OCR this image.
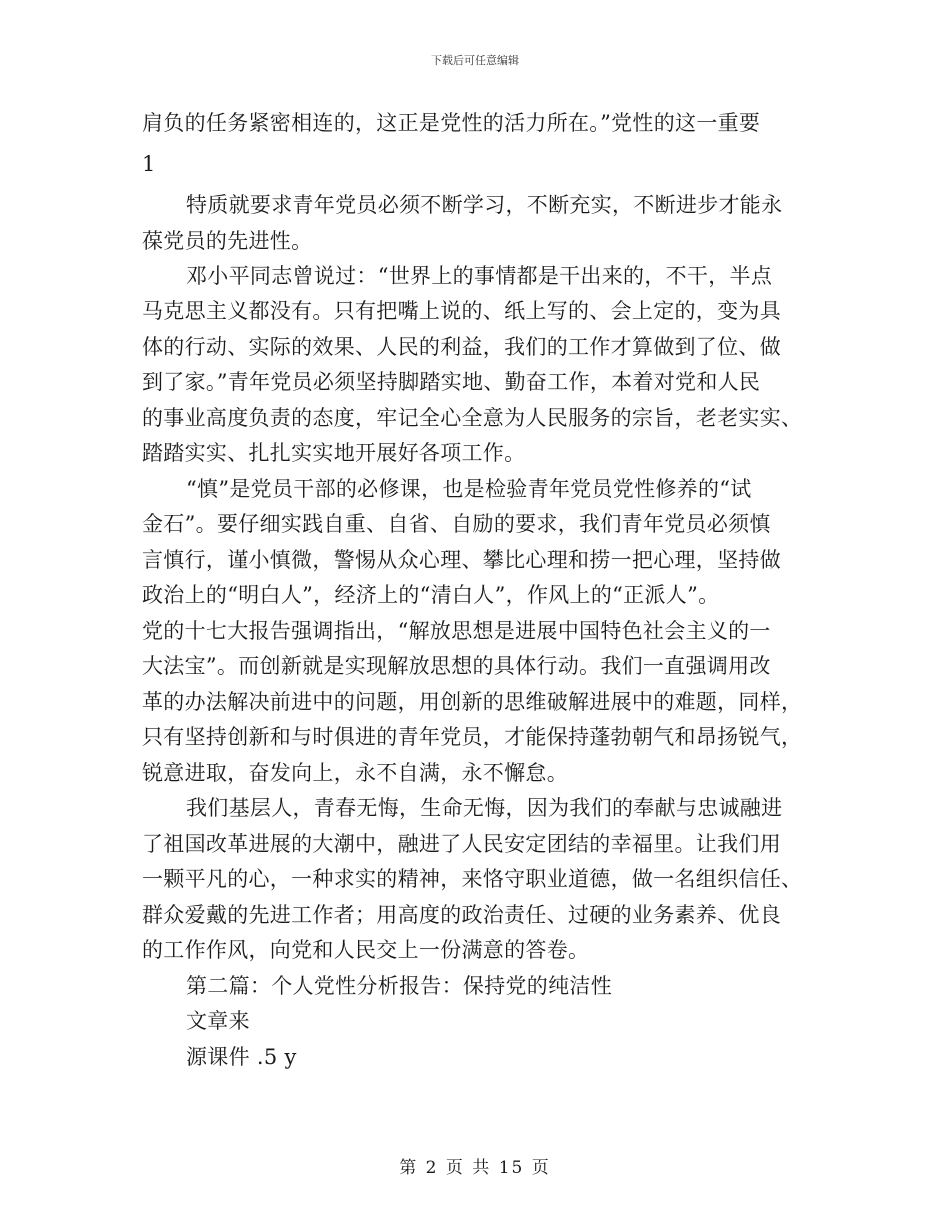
下载后可任意编辑
肩负的任务紧密相连的，这正是党性的活力所在。”党性的这一重要
1
特质就要求青年党员必须不断学习，不断充实，不断进步才能永
葆党员的先进性。
邓小平同志曾说过：“世界上的事情都是干出来的，不干，半点
马克思主义都没有。只有把嘴上说的、纸上写的、会上定的，变为具
体的行动、实际的效果、人民的利益，我们的工作才算做到了位、做
到了家。”青年党员必须坚持脚踏实地、勤奋工作，本着对党和人民
的事业高度负责的态度，牢记全心全意为人民服务的宗旨，老老实实、
踏踏实实、扎扎实实地开展好各项工作。
“慎”是党员干部的必修课，也是检验青年党员党性修养的“试
金石”。要仔细实践自重、自省、自励的要求，我们青年党员必须慎
言慎行，谨小慎微，警惕从众心理、攀比心理和捞一把心理，坚持做
政治上的“明白人”，经济上的“清白人”，作风上的“正派人”。
党的十七大报告强调指出，“解放思想是进展中国特色社会主义的一
大法宝”。而创新就是实现解放思想的具体行动。我们一直强调用改
革的办法解决前进中的问题，用创新的思维破解进展中的难题，同样，
只有坚持创新和与时俱进的青年党员，才能保持蓬勃朝气和昂扬锐气，
锐意进取，奋发向上，永不自满，永不懈怠。
我们基层人，青春无悔，生命无悔，因为我们的奉献与忠诚融进
了祖国改革进展的大潮中，融进了人民安定团结的幸福里。让我们用
一颗平凡的心，一种求实的精神，来恪守职业道德，做一名组织信任、
群众爱戴的先进工作者；用高度的政治责任、过硬的业务素养、优良
的工作作风，向党和人民交上一份满意的答卷。
第二篇：个人党性分析报告：保持党的纯洁性
文章来
源课件 .5 y
第 2 页 共 15 页
